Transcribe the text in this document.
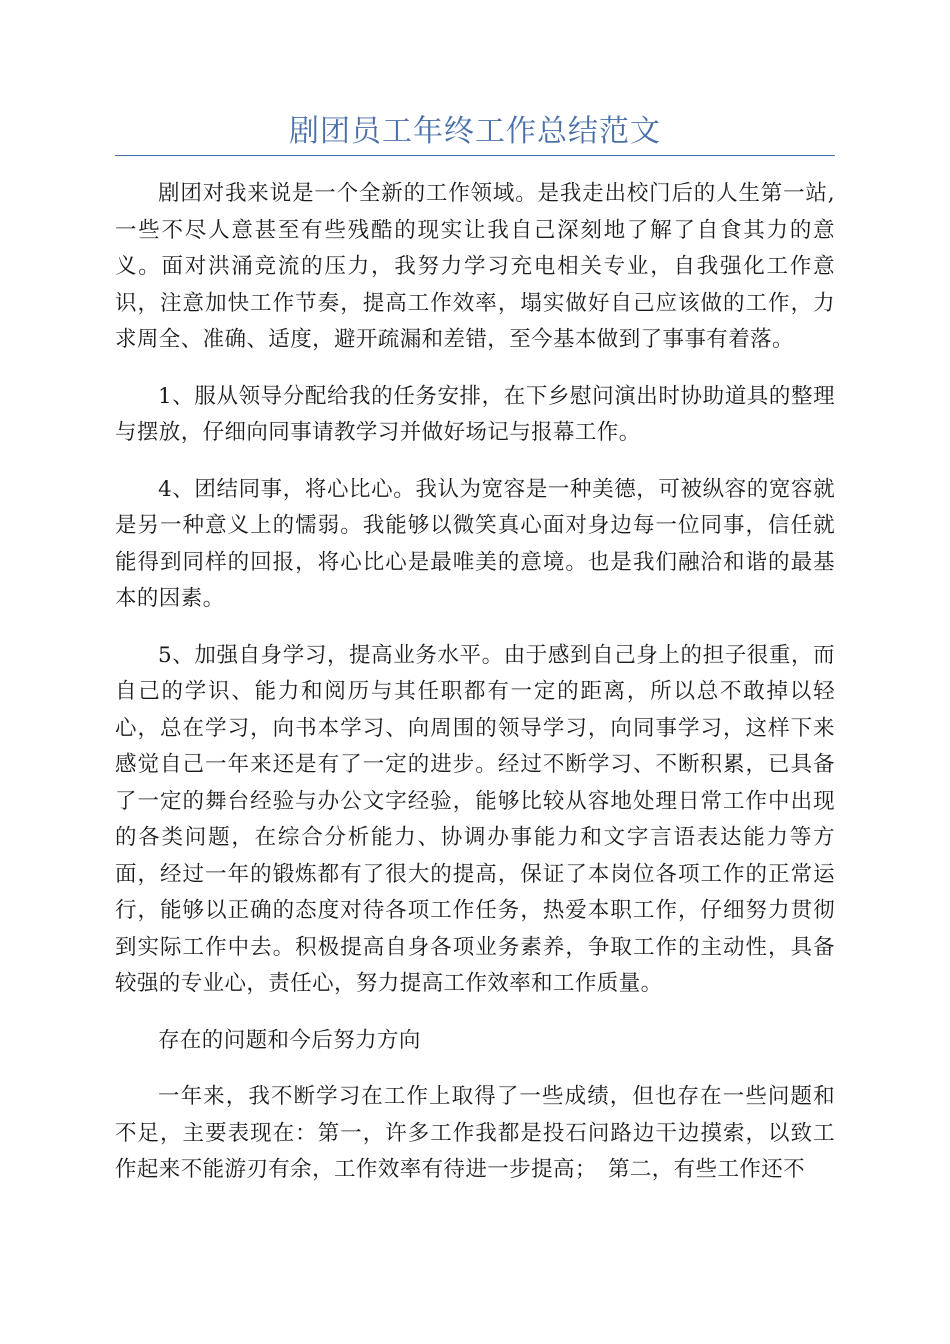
剧团员工年终工作总结范文

剧团对我来说是一个全新的工作领域。是我走出校门后的人生第一站,一些不尽人意甚至有些残酷的现实让我自己深刻地了解了自食其力的意义。面对洪涌竞流的压力，我努力学习充电相关专业，自我强化工作意识，注意加快工作节奏，提高工作效率，塌实做好自己应该做的工作，力求周全、准确、适度，避开疏漏和差错，至今基本做到了事事有着落。

1、服从领导分配给我的任务安排，在下乡慰问演出时协助道具的整理与摆放，仔细向同事请教学习并做好场记与报幕工作。

4、团结同事，将心比心。我认为宽容是一种美德，可被纵容的宽容就是另一种意义上的懦弱。我能够以微笑真心面对身边每一位同事，信任就能得到同样的回报，将心比心是最唯美的意境。也是我们融洽和谐的最基本的因素。

5、加强自身学习，提高业务水平。由于感到自己身上的担子很重，而自己的学识、能力和阅历与其任职都有一定的距离，所以总不敢掉以轻心，总在学习，向书本学习、向周围的领导学习，向同事学习，这样下来感觉自己一年来还是有了一定的进步。经过不断学习、不断积累，已具备了一定的舞台经验与办公文字经验，能够比较从容地处理日常工作中出现的各类问题，在综合分析能力、协调办事能力和文字言语表达能力等方面，经过一年的锻炼都有了很大的提高，保证了本岗位各项工作的正常运行，能够以正确的态度对待各项工作任务，热爱本职工作，仔细努力贯彻到实际工作中去。积极提高自身各项业务素养，争取工作的主动性，具备较强的专业心，责任心，努力提高工作效率和工作质量。

存在的问题和今后努力方向

一年来，我不断学习在工作上取得了一些成绩，但也存在一些问题和不足，主要表现在：第一，许多工作我都是投石问路边干边摸索，以致工作起来不能游刃有余，工作效率有待进一步提高；　第二，有些工作还不
